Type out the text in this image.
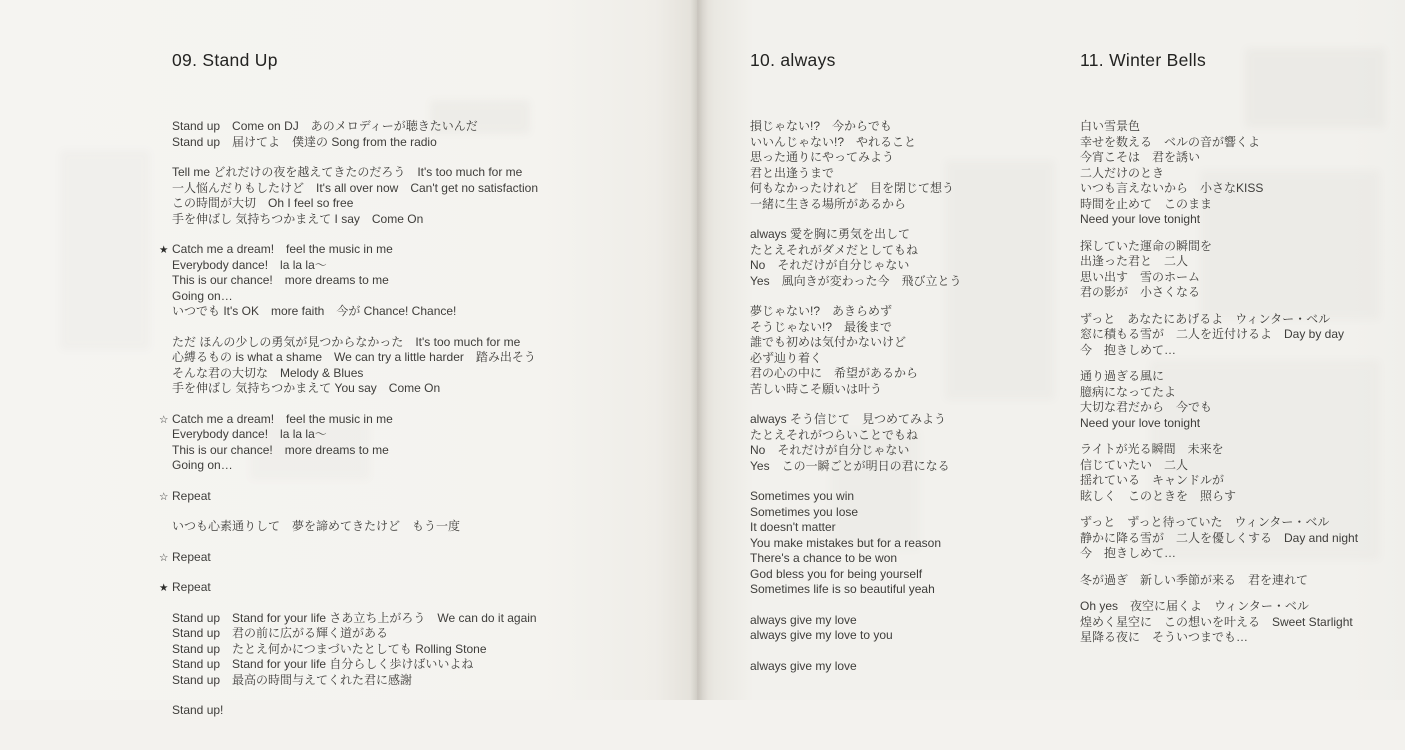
09. Stand Up

Stand up　Come on DJ　あのメロディーが聴きたいんだ
Stand up　届けてよ　僕達の Song from the radio
Tell me どれだけの夜を越えてきたのだろう　It's too much for me
一人悩んだりもしたけど　It's all over now　Can't get no satisfaction
この時間が大切　Oh I feel so free
手を伸ばし 気持ちつかまえて I say　Come On
★ Catch me a dream!　feel the music in me
Everybody dance!　la la la～
This is our chance!　more dreams to me
Going on…
いつでも It's OK　more faith　今が Chance! Chance!
ただ ほんの少しの勇気が見つからなかった　It's too much for me
心縛るもの is what a shame　We can try a little harder　踏み出そう
そんな君の大切な　Melody & Blues
手を伸ばし 気持ちつかまえて You say　Come On
☆ Catch me a dream!　feel the music in me
Everybody dance!　la la la～
This is our chance!　more dreams to me
Going on…
☆ Repeat
いつも心素通りして　夢を諦めてきたけど　もう一度
☆ Repeat
★ Repeat
Stand up　Stand for your life さあ立ち上がろう　We can do it again
Stand up　君の前に広がる輝く道がある
Stand up　たとえ何かにつまづいたとしても Rolling Stone
Stand up　Stand for your life 自分らしく歩けばいいよね
Stand up　最高の時間与えてくれた君に感謝
Stand up!

10. always

損じゃない!?　今からでも
いいんじゃない!?　やれること
思った通りにやってみよう
君と出逢うまで
何もなかったけれど　目を閉じて想う
一緒に生きる場所があるから
always 愛を胸に勇気を出して
たとえそれがダメだとしてもね
No　それだけが自分じゃない
Yes　風向きが変わった今　飛び立とう
夢じゃない!?　あきらめず
そうじゃない!?　最後まで
誰でも初めは気付かないけど
必ず辿り着く
君の心の中に　希望があるから
苦しい時こそ願いは叶う
always そう信じて　見つめてみよう
たとえそれがつらいことでもね
No　それだけが自分じゃない
Yes　この一瞬ごとが明日の君になる
Sometimes you win
Sometimes you lose
It doesn't matter
You make mistakes but for a reason
There's a chance to be won
God bless you for being yourself
Sometimes life is so beautiful yeah
always give my love
always give my love to you
always give my love

11. Winter Bells

白い雪景色
幸せを数える　ベルの音が響くよ
今宵こそは　君を誘い
二人だけのとき
いつも言えないから　小さなKISS
時間を止めて　このまま
Need your love tonight
探していた運命の瞬間を
出逢った君と　二人
思い出す　雪のホーム
君の影が　小さくなる
ずっと　あなたにあげるよ　ウィンター・ベル
窓に積もる雪が　二人を近付けるよ　Day by day
今　抱きしめて…
通り過ぎる風に
臆病になってたよ
大切な君だから　今でも
Need your love tonight
ライトが光る瞬間　未来を
信じていたい　二人
揺れている　キャンドルが
眩しく　このときを　照らす
ずっと　ずっと待っていた　ウィンター・ベル
静かに降る雪が　二人を優しくする　Day and night
今　抱きしめて…
冬が過ぎ　新しい季節が来る　君を連れて
Oh yes　夜空に届くよ　ウィンター・ベル
煌めく星空に　この想いを叶える　Sweet Starlight
星降る夜に　そういつまでも…
